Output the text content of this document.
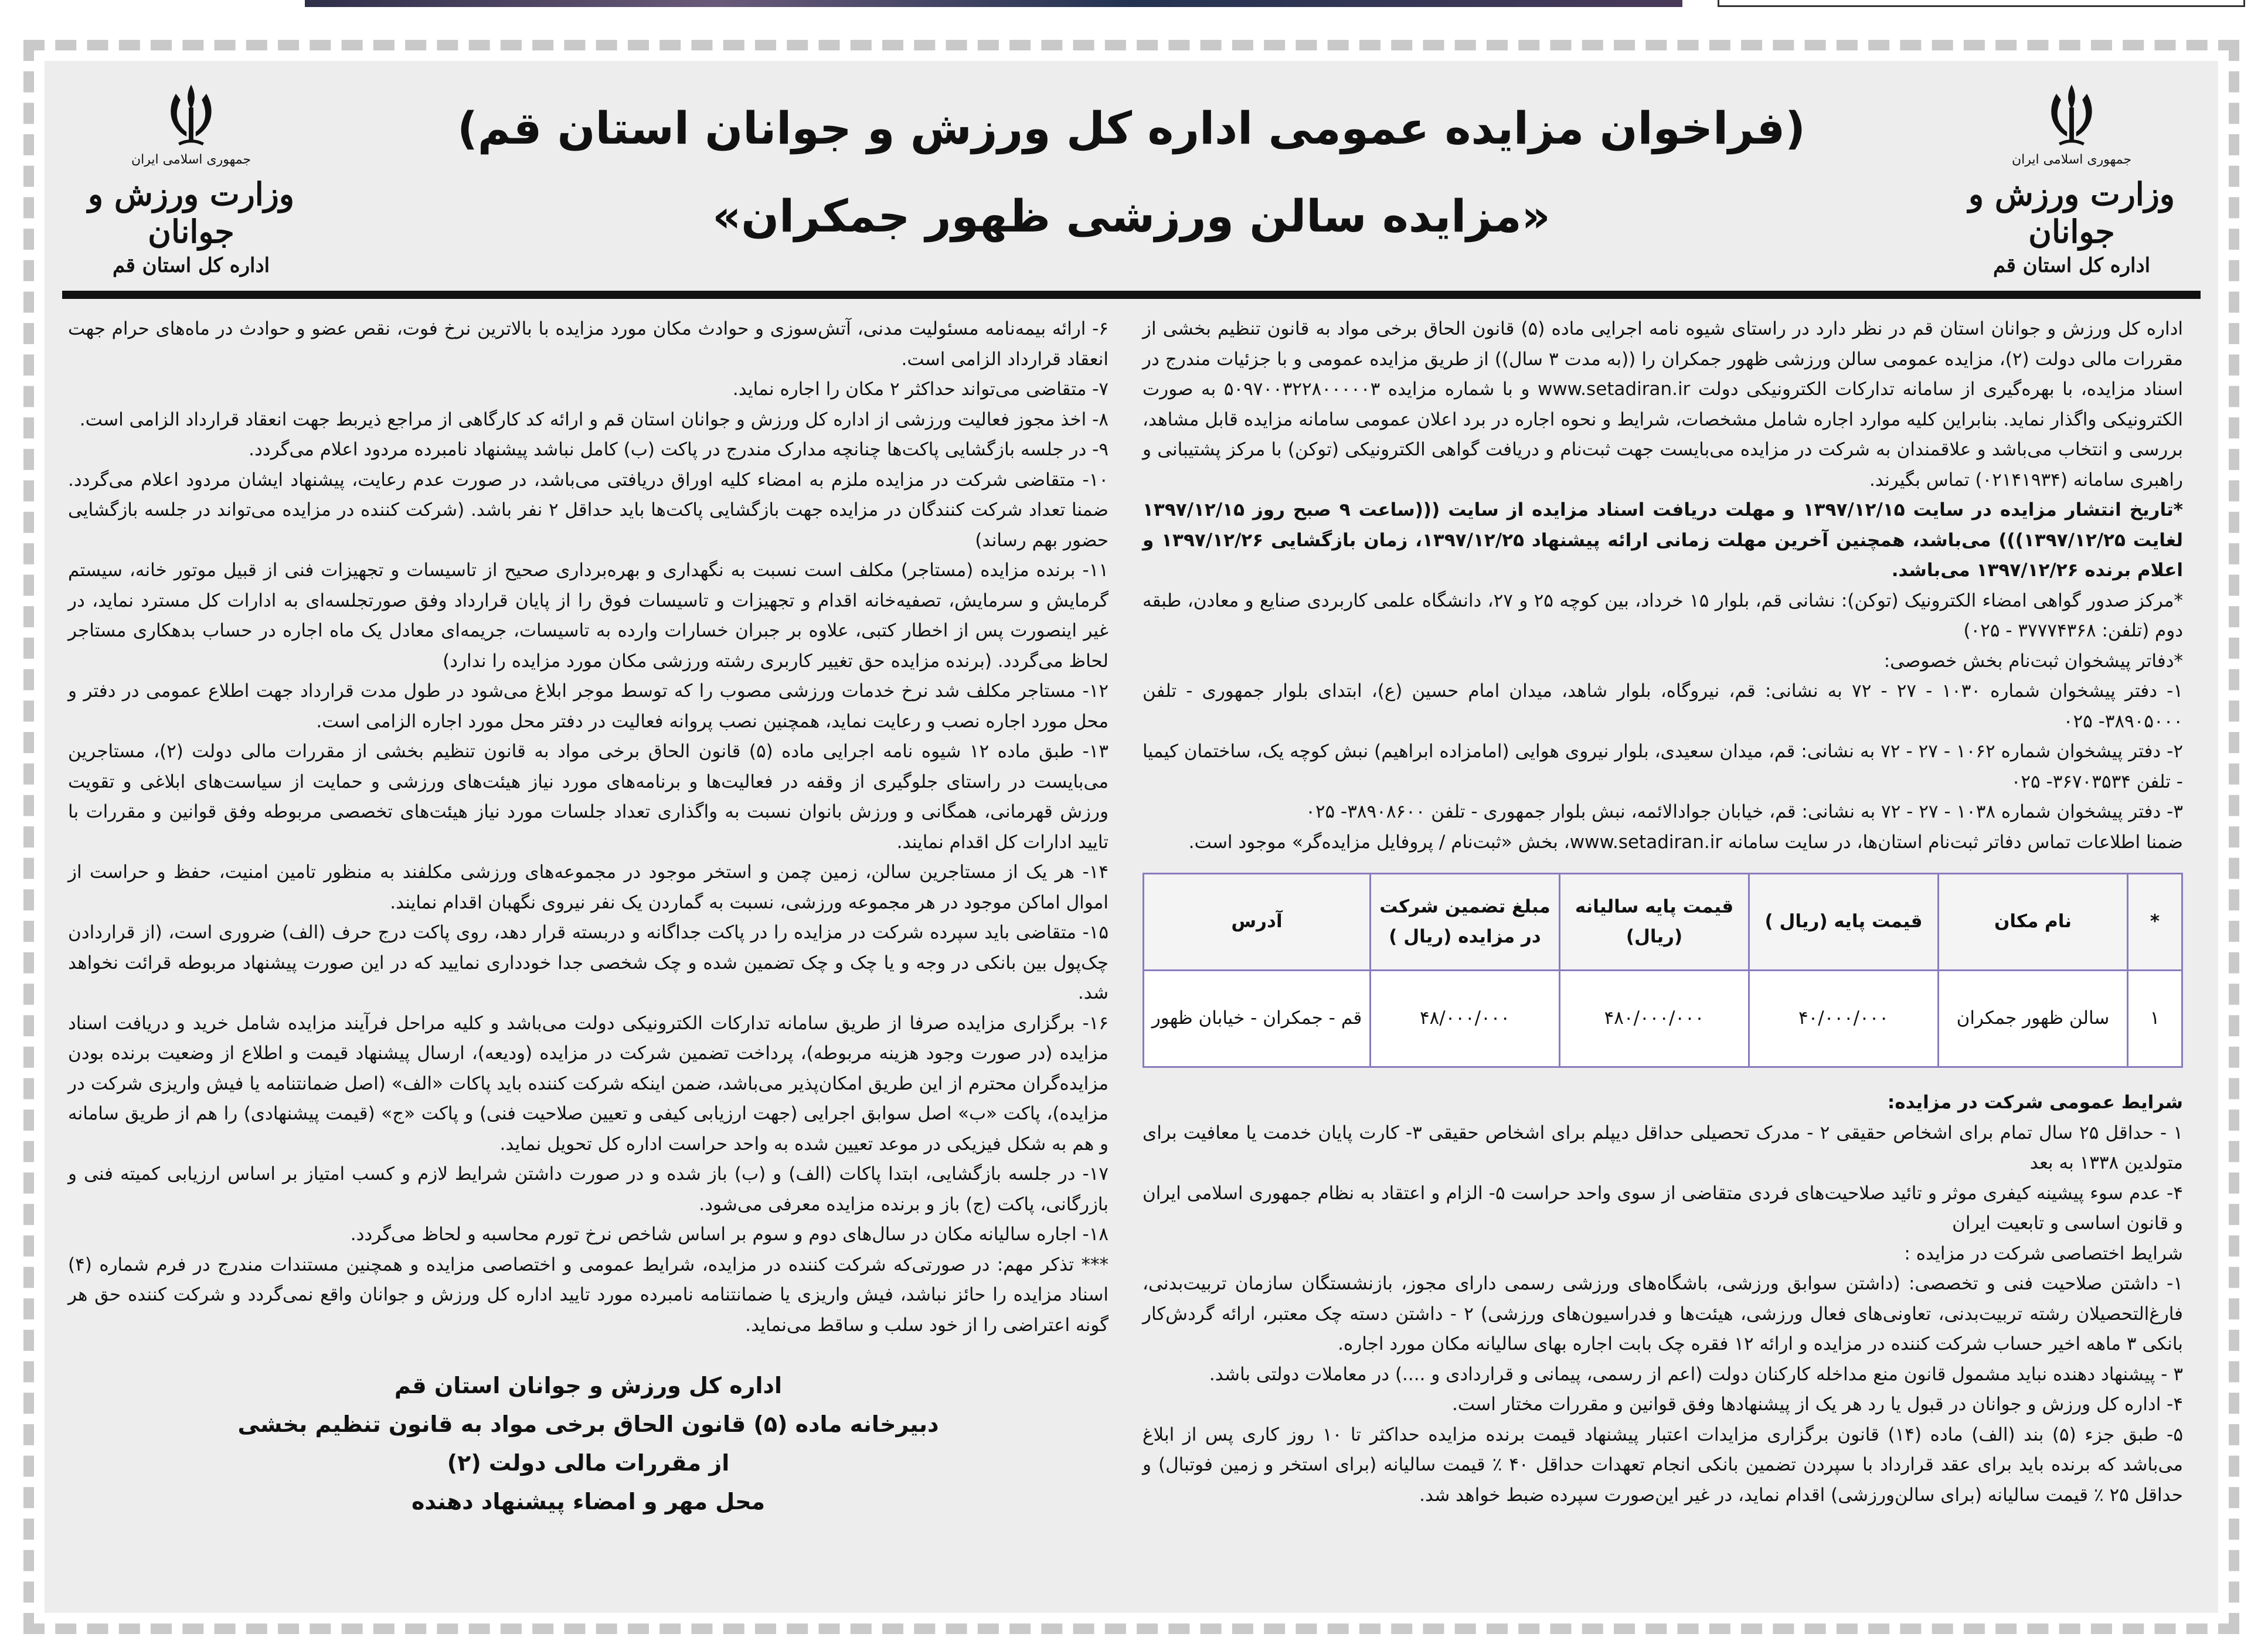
جمهوری اسلامی ایران
وزارت ورزش و جوانان
اداره کل استان قم
جمهوری اسلامی ایران
وزارت ورزش و جوانان
اداره کل استان قم
(فراخوان مزایده عمومی اداره کل ورزش و جوانان استان قم)
«مزایده سالن ورزشی ظهور جمکران»

اداره کل ورزش و جوانان استان قم در نظر دارد در راستای شیوه نامه اجرایی ماده (۵) قانون الحاق برخی مواد به قانون تنظیم بخشی از مقررات مالی دولت (۲)، مزایده عمومی سالن ورزشی ظهور جمکران را ((به مدت ۳ سال)) از طریق مزایده عمومی و با جزئیات مندرج در اسناد مزایده، با بهره‌گیری از سامانه تدارکات الکترونیکی دولت www.setadiran.ir و با شماره مزایده ۵۰۹۷۰۰۳۲۲۸۰۰۰۰۰۳ به صورت الکترونیکی واگذار نماید. بنابراین کلیه موارد اجاره شامل مشخصات، شرایط و نحوه اجاره در برد اعلان عمومی سامانه مزایده قابل مشاهد، بررسی و انتخاب می‌باشد و علاقمندان به شرکت در مزایده می‌بایست جهت ثبت‌نام و دریافت گواهی الکترونیکی (توکن) با مرکز پشتیبانی و راهبری سامانه (۰۲۱۴۱۹۳۴) تماس بگیرند.

*تاریخ انتشار مزایده در سایت ۱۳۹۷/۱۲/۱۵ و مهلت دریافت اسناد مزایده از سایت (((ساعت ۹ صبح روز ۱۳۹۷/۱۲/۱۵ لغایت ۱۳۹۷/۱۲/۲۵))) می‌باشد، همچنین آخرین مهلت زمانی ارائه پیشنهاد ۱۳۹۷/۱۲/۲۵، زمان بازگشایی ۱۳۹۷/۱۲/۲۶ و اعلام برنده ۱۳۹۷/۱۲/۲۶ می‌باشد.

*مرکز صدور گواهی امضاء الکترونیک (توکن): نشانی قم، بلوار ۱۵ خرداد، بین کوچه ۲۵ و ۲۷، دانشگاه علمی کاربردی صنایع و معادن، طبقه دوم (تلفن: ۳۷۷۷۴۳۶۸ - ۰۲۵)

*دفاتر پیشخوان ثبت‌نام بخش خصوصی:

۱- دفتر پیشخوان شماره ۱۰۳۰ - ۲۷ - ۷۲ به نشانی: قم، نیروگاه، بلوار شاهد، میدان امام حسین (ع)، ابتدای بلوار جمهوری - تلفن ۳۸۹۰۵۰۰۰- ۰۲۵

۲- دفتر پیشخوان شماره ۱۰۶۲ - ۲۷ - ۷۲ به نشانی: قم، میدان سعیدی، بلوار نیروی هوایی (امامزاده ابراهیم) نبش کوچه یک، ساختمان کیمیا - تلفن ۳۶۷۰۳۵۳۴- ۰۲۵

۳- دفتر پیشخوان شماره ۱۰۳۸ - ۲۷ - ۷۲ به نشانی: قم، خیابان جوادالائمه، نبش بلوار جمهوری - تلفن ۳۸۹۰۸۶۰۰- ۰۲۵

ضمنا اطلاعات تماس دفاتر ثبت‌نام استان‌ها، در سایت سامانه www.setadiran.ir، بخش «ثبت‌نام / پروفایل مزایده‌گر» موجود است.

*	نام مکان	قیمت پایه (ریال )	قیمت پایه سالیانه (ریال)	مبلغ تضمین شرکت در مزایده (ریال )	آدرس
۱	سالن ظهور جمکران	۴۰/۰۰۰/۰۰۰	۴۸۰/۰۰۰/۰۰۰	۴۸/۰۰۰/۰۰۰	قم - جمکران - خیابان ظهور

شرایط عمومی شرکت در مزایده:

۱ - حداقل ۲۵ سال تمام برای اشخاص حقیقی ۲ - مدرک تحصیلی حداقل دیپلم برای اشخاص حقیقی ۳- کارت پایان خدمت یا معافیت برای متولدین ۱۳۳۸ به بعد

۴- عدم سوء پیشینه کیفری موثر و تائید صلاحیت‌های فردی متقاضی از سوی واحد حراست ۵- الزام و اعتقاد به نظام جمهوری اسلامی ایران و قانون اساسی و تابعیت ایران

شرایط اختصاصی شرکت در مزایده :

۱- داشتن صلاحیت فنی و تخصصی: (داشتن سوابق ورزشی، باشگاه‌های ورزشی رسمی دارای مجوز، بازنشستگان سازمان تربیت‌بدنی، فارغ‌التحصیلان رشته تربیت‌بدنی، تعاونی‌های فعال ورزشی، هیئت‌ها و فدراسیون‌های ورزشی) ۲ - داشتن دسته چک معتبر، ارائه گردش‌کار بانکی ۳ ماهه اخیر حساب شرکت کننده در مزایده و ارائه ۱۲ فقره چک بابت اجاره بهای سالیانه مکان مورد اجاره.

۳ - پیشنهاد دهنده نباید مشمول قانون منع مداخله کارکنان دولت (اعم از رسمی، پیمانی و قراردادی و ....) در معاملات دولتی باشد.

۴- اداره کل ورزش و جوانان در قبول یا رد هر یک از پیشنهادها وفق قوانین و مقررات مختار است.

۵- طبق جزء (۵) بند (الف) ماده (۱۴) قانون برگزاری مزایدات اعتبار پیشنهاد قیمت برنده مزایده حداکثر تا ۱۰ روز کاری پس از ابلاغ می‌باشد که برنده باید برای عقد قرارداد با سپردن تضمین بانکی انجام تعهدات حداقل ۴۰ ٪ قیمت سالیانه (برای استخر و زمین فوتبال) و حداقل ۲۵ ٪ قیمت سالیانه (برای سالن‌ورزشی) اقدام نماید، در غیر این‌صورت سپرده ضبط خواهد شد.

۶- ارائه بیمه‌نامه مسئولیت مدنی، آتش‌سوزی و حوادث مکان مورد مزایده با بالاترین نرخ فوت، نقص عضو و حوادث در ماه‌های حرام جهت انعقاد قرارداد الزامی است.

۷- متقاضی می‌تواند حداکثر ۲ مکان را اجاره نماید.

۸- اخذ مجوز فعالیت ورزشی از اداره کل ورزش و جوانان استان قم و ارائه کد کارگاهی از مراجع ذیربط جهت انعقاد قرارداد الزامی است.

۹- در جلسه بازگشایی پاکت‌ها چنانچه مدارک مندرج در پاکت (ب) کامل نباشد پیشنهاد نامبرده مردود اعلام می‌گردد.

۱۰- متقاضی شرکت در مزایده ملزم به امضاء کلیه اوراق دریافتی می‌باشد، در صورت عدم رعایت، پیشنهاد ایشان مردود اعلام می‌گردد. ضمنا تعداد شرکت کنندگان در مزایده جهت بازگشایی پاکت‌ها باید حداقل ۲ نفر باشد. (شرکت کننده در مزایده می‌تواند در جلسه بازگشایی حضور بهم رساند)

۱۱- برنده مزایده (مستاجر) مکلف است نسبت به نگهداری و بهره‌برداری صحیح از تاسیسات و تجهیزات فنی از قبیل موتور خانه، سیستم گرمایش و سرمایش، تصفیه‌خانه اقدام و تجهیزات و تاسیسات فوق را از پایان قرارداد وفق صورتجلسه‌ای به ادارات کل مسترد نماید، در غیر اینصورت پس از اخطار کتبی، علاوه بر جبران خسارات وارده به تاسیسات، جریمه‌ای معادل یک ماه اجاره در حساب بدهکاری مستاجر لحاظ می‌گردد. (برنده مزایده حق تغییر کاربری رشته ورزشی مکان مورد مزایده را ندارد)

۱۲- مستاجر مکلف شد نرخ خدمات ورزشی مصوب را که توسط موجر ابلاغ می‌شود در طول مدت قرارداد جهت اطلاع عمومی در دفتر و محل مورد اجاره نصب و رعایت نماید، همچنین نصب پروانه فعالیت در دفتر محل مورد اجاره الزامی است.

۱۳- طبق ماده ۱۲ شیوه نامه اجرایی ماده (۵) قانون الحاق برخی مواد به قانون تنظیم بخشی از مقررات مالی دولت (۲)، مستاجرین می‌بایست در راستای جلوگیری از وقفه در فعالیت‌ها و برنامه‌های مورد نیاز هیئت‌های ورزشی و حمایت از سیاست‌های ابلاغی و تقویت ورزش قهرمانی، همگانی و ورزش بانوان نسبت به واگذاری تعداد جلسات مورد نیاز هیئت‌های تخصصی مربوطه وفق قوانین و مقررات با تایید ادارات کل اقدام نمایند.

۱۴- هر یک از مستاجرین سالن، زمین چمن و استخر موجود در مجموعه‌های ورزشی مکلفند به منظور تامین امنیت، حفظ و حراست از اموال اماکن موجود در هر مجموعه ورزشی، نسبت به گماردن یک نفر نیروی نگهبان اقدام نمایند.

۱۵- متقاضی باید سپرده شرکت در مزایده را در پاکت جداگانه و دربسته قرار دهد، روی پاکت درج حرف (الف) ضروری است، (از قراردادن چک‌پول بین بانکی در وجه و یا چک و چک تضمین شده و چک شخصی جدا خودداری نمایید که در این صورت پیشنهاد مربوطه قرائت نخواهد شد.

۱۶- برگزاری مزایده صرفا از طریق سامانه تدارکات الکترونیکی دولت می‌باشد و کلیه مراحل فرآیند مزایده شامل خرید و دریافت اسناد مزایده (در صورت وجود هزینه مربوطه)، پرداخت تضمین شرکت در مزایده (ودیعه)، ارسال پیشنهاد قیمت و اطلاع از وضعیت برنده بودن مزایده‌گران محترم از این طریق امکان‌پذیر می‌باشد، ضمن اینکه شرکت کننده باید پاکات «الف» (اصل ضمانتنامه یا فیش واریزی شرکت در مزایده)، پاکت «ب» اصل سوابق اجرایی (جهت ارزیابی کیفی و تعیین صلاحیت فنی) و پاکت «ج» (قیمت پیشنهادی) را هم از طریق سامانه و هم به شکل فیزیکی در موعد تعیین شده به واحد حراست اداره کل تحویل نماید.

۱۷- در جلسه بازگشایی، ابتدا پاکات (الف) و (ب) باز شده و در صورت داشتن شرایط لازم و کسب امتیاز بر اساس ارزیابی کمیته فنی و بازرگانی، پاکت (ج) باز و برنده مزایده معرفی می‌شود.

۱۸- اجاره سالیانه مکان در سال‌های دوم و سوم بر اساس شاخص نرخ تورم محاسبه و لحاظ می‌گردد.

*** تذکر مهم: در صورتی‌که شرکت کننده در مزایده، شرایط عمومی و اختصاصی مزایده و همچنین مستندات مندرج در فرم شماره (۴) اسناد مزایده را حائز نباشد، فیش واریزی یا ضمانتنامه نامبرده مورد تایید اداره کل ورزش و جوانان واقع نمی‌گردد و شرکت کننده حق هر گونه اعتراضی را از خود سلب و ساقط می‌نماید.

اداره کل ورزش و جوانان استان قم
دبیرخانه ماده (۵) قانون الحاق برخی مواد به قانون تنظیم بخشی
از مقررات مالی دولت (۲)
محل مهر و امضاء پیشنهاد دهنده
